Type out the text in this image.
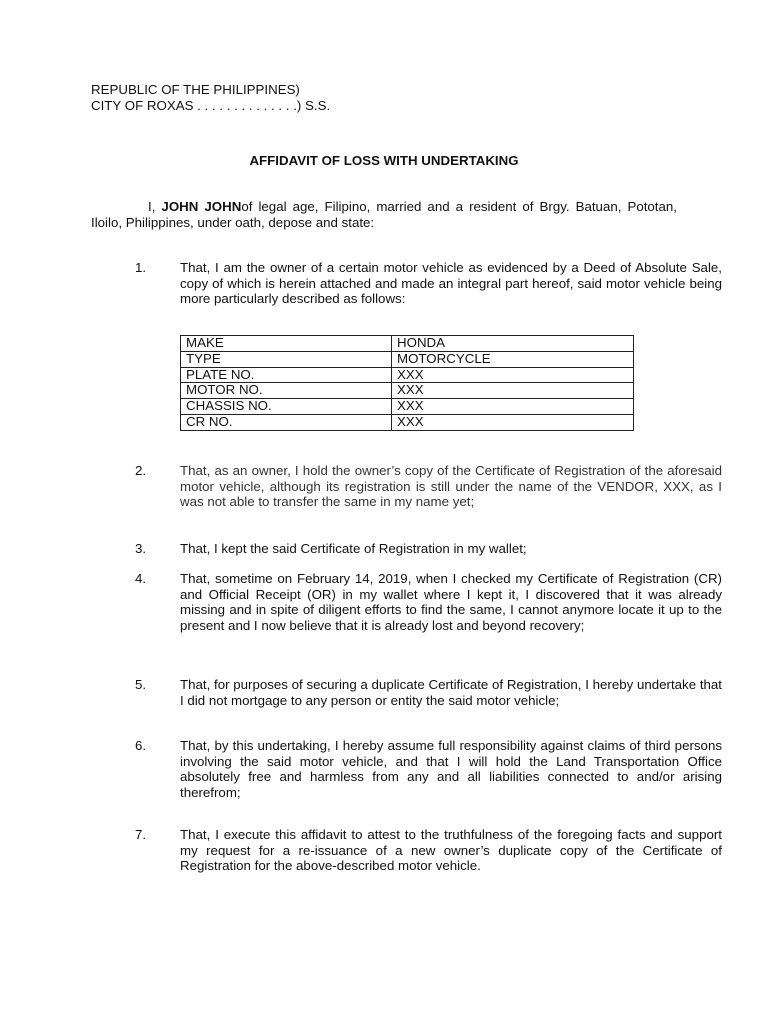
REPUBLIC OF THE PHILIPPINES)
CITY OF ROXAS . . . . . . . . . . . . . .) S.S.
AFFIDAVIT OF LOSS WITH UNDERTAKING
I, JOHN JOHNof legal age, Filipino, married and a resident of Brgy. Batuan, Pototan, Iloilo, Philippines, under oath, depose and state:
1.	That, I am the owner of a certain motor vehicle as evidenced by a Deed of Absolute Sale, copy of which is herein attached and made an integral part hereof, said motor vehicle being more particularly described as follows:
MAKE	HONDA
TYPE	MOTORCYCLE
PLATE NO.	XXX
MOTOR NO.	XXX
CHASSIS NO.	XXX
CR NO.	XXX
2.	That, as an owner, I hold the owner’s copy of the Certificate of Registration of the aforesaid motor vehicle, although its registration is still under the name of the VENDOR, XXX, as I was not able to transfer the same in my name yet;
3.	That, I kept the said Certificate of Registration in my wallet;
4.	That, sometime on February 14, 2019, when I checked my Certificate of Registration (CR) and Official Receipt (OR) in my wallet where I kept it, I discovered that it was already missing and in spite of diligent efforts to find the same, I cannot anymore locate it up to the present and I now believe that it is already lost and beyond recovery;
5.	That, for purposes of securing a duplicate Certificate of Registration, I hereby undertake that I did not mortgage to any person or entity the said motor vehicle;
6.	That, by this undertaking, I hereby assume full responsibility against claims of third persons involving the said motor vehicle, and that I will hold the Land Transportation Office absolutely free and harmless from any and all liabilities connected to and/or arising therefrom;
7.	That, I execute this affidavit to attest to the truthfulness of the foregoing facts and support my request for a re-issuance of a new owner’s duplicate copy of the Certificate of Registration for the above-described motor vehicle.
